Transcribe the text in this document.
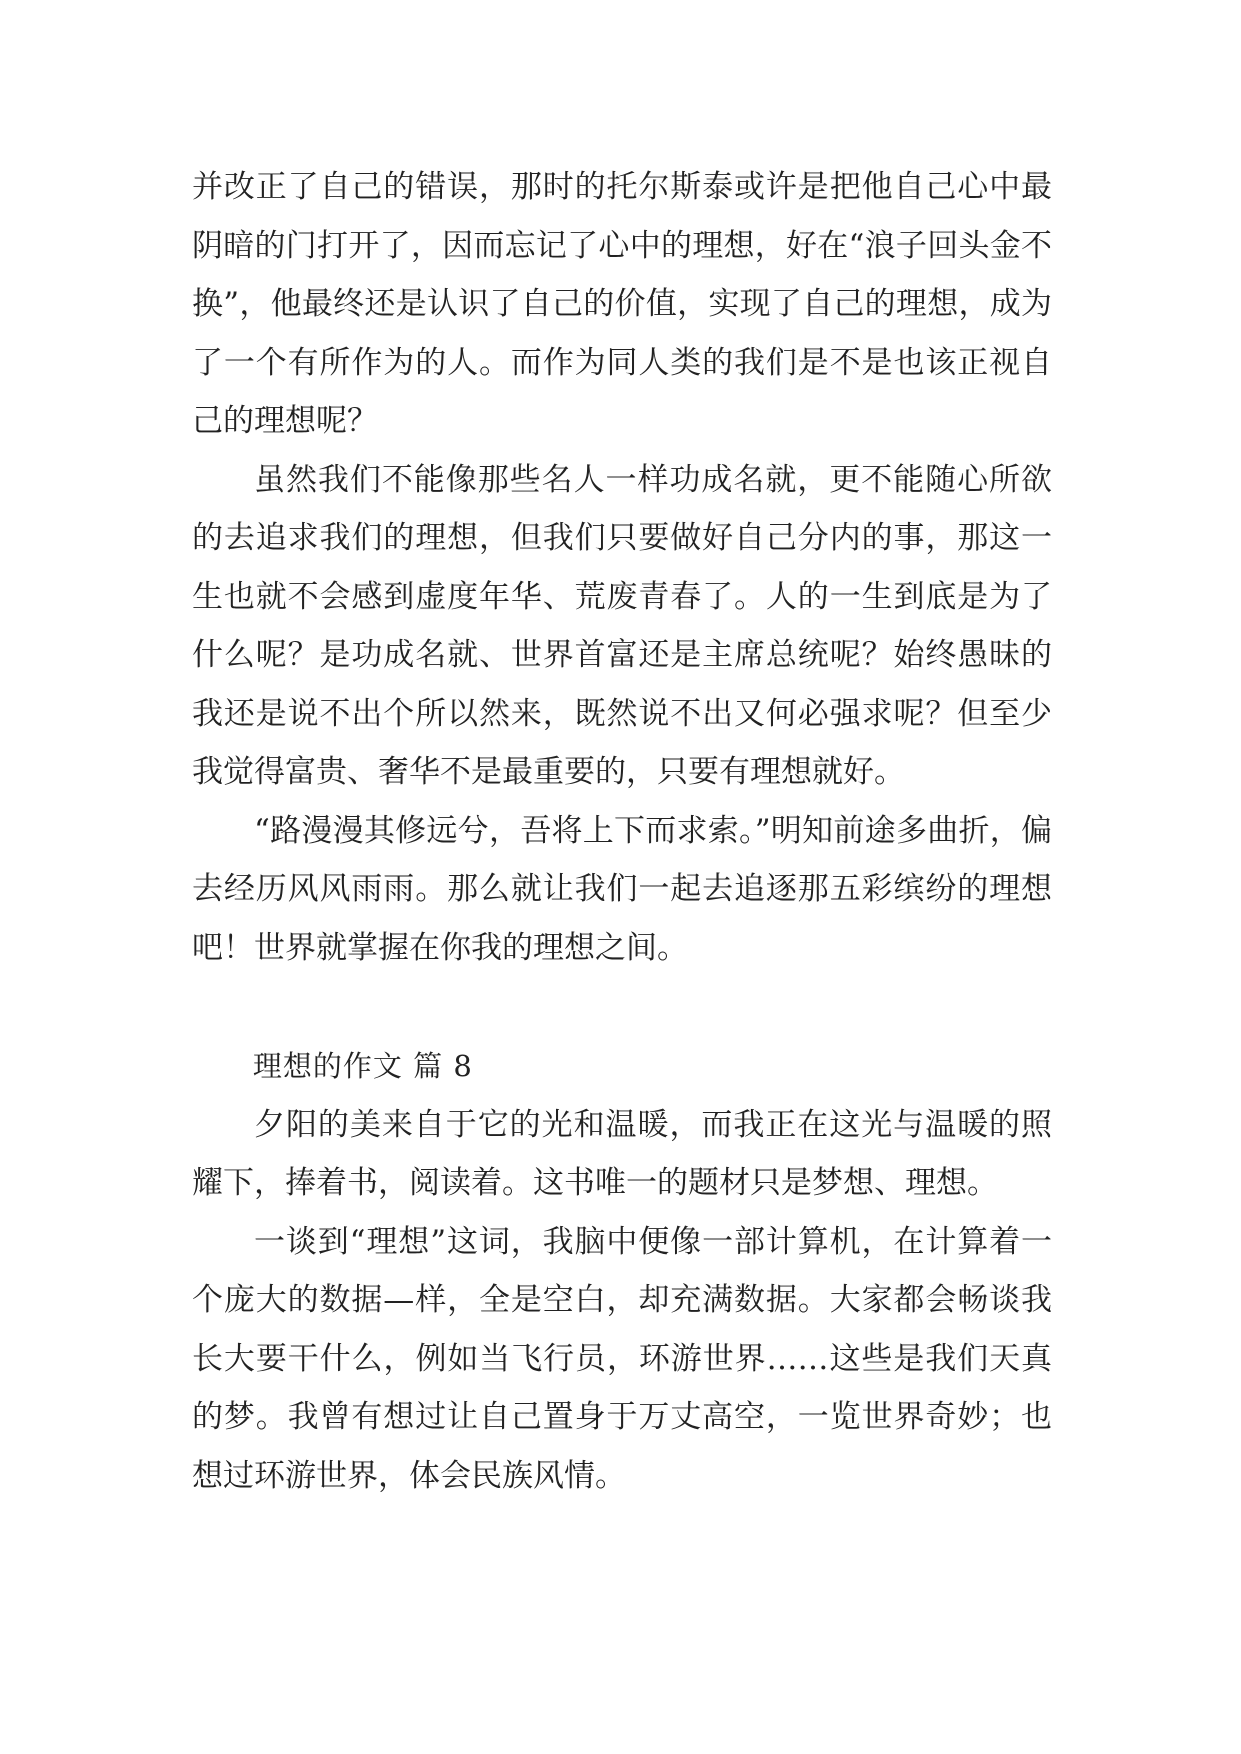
并改正了自己的错误，那时的托尔斯泰或许是把他自己心中最阴暗的门打开了，因而忘记了心中的理想，好在“浪子回头金不换”，他最终还是认识了自己的价值，实现了自己的理想，成为了一个有所作为的人。而作为同人类的我们是不是也该正视自己的理想呢？

虽然我们不能像那些名人一样功成名就，更不能随心所欲的去追求我们的理想，但我们只要做好自己分内的事，那这一生也就不会感到虚度年华、荒废青春了。人的一生到底是为了什么呢？是功成名就、世界首富还是主席总统呢？始终愚昧的我还是说不出个所以然来，既然说不出又何必强求呢？但至少我觉得富贵、奢华不是最重要的，只要有理想就好。

“路漫漫其修远兮，吾将上下而求索。”明知前途多曲折，偏去经历风风雨雨。那么就让我们一起去追逐那五彩缤纷的理想吧！世界就掌握在你我的理想之间。

理想的作文 篇 8

夕阳的美来自于它的光和温暖，而我正在这光与温暖的照耀下，捧着书，阅读着。这书唯一的题材只是梦想、理想。

一谈到“理想”这词，我脑中便像一部计算机，在计算着一个庞大的数据—样，全是空白，却充满数据。大家都会畅谈我长大要干什么，例如当飞行员，环游世界……这些是我们天真的梦。我曾有想过让自己置身于万丈高空，一览世界奇妙；也想过环游世界，体会民族风情。
